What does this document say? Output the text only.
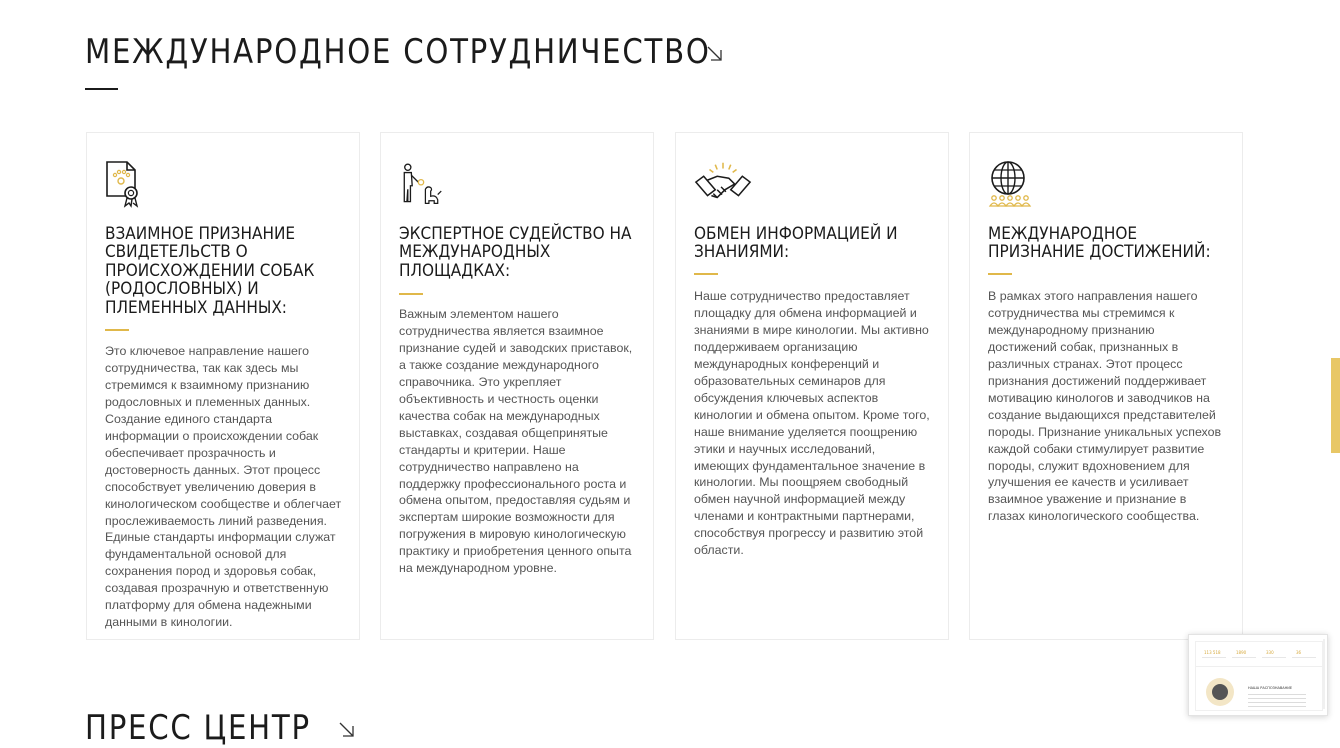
МЕЖДУНАРОДНОЕ СОТРУДНИЧЕСТВО
ВЗАИМНОЕ ПРИЗНАНИЕ СВИДЕТЕЛЬСТВ О ПРОИСХОЖДЕНИИ СОБАК (РОДОСЛОВНЫХ) И ПЛЕМЕННЫХ ДАННЫХ:
Это ключевое направление нашего сотрудничества, так как здесь мы стремимся к взаимному признанию родословных и племенных данных. Создание единого стандарта информации о происхождении собак обеспечивает прозрачность и достоверность данных. Этот процесс способствует увеличению доверия в кинологическом сообществе и облегчает прослеживаемость линий разведения. Единые стандарты информации служат фундаментальной основой для сохранения пород и здоровья собак, создавая прозрачную и ответственную платформу для обмена надежными данными в кинологии.
ЭКСПЕРТНОЕ СУДЕЙСТВО НА МЕЖДУНАРОДНЫХ ПЛОЩАДКАХ:
Важным элементом нашего сотрудничества является взаимное признание судей и заводских приставок, а также создание международного справочника. Это укрепляет объективность и честность оценки качества собак на международных выставках, создавая общепринятые стандарты и критерии. Наше сотрудничество направлено на поддержку профессионального роста и обмена опытом, предоставляя судьям и экспертам широкие возможности для погружения в мировую кинологическую практику и приобретения ценного опыта на международном уровне.
ОБМЕН ИНФОРМАЦИЕЙ И ЗНАНИЯМИ:
Наше сотрудничество предоставляет площадку для обмена информацией и знаниями в мире кинологии. Мы активно поддерживаем организацию международных конференций и образовательных семинаров для обсуждения ключевых аспектов кинологии и обмена опытом. Кроме того, наше внимание уделяется поощрению этики и научных исследований, имеющих фундаментальное значение в кинологии. Мы поощряем свободный обмен научной информацией между членами и контрактными партнерами, способствуя прогрессу и развитию этой области.
МЕЖДУНАРОДНОЕ ПРИЗНАНИЕ ДОСТИЖЕНИЙ:
В рамках этого направления нашего сотрудничества мы стремимся к международному признанию достижений собак, признанных в различных странах. Этот процесс признания достижений поддерживает мотивацию кинологов и заводчиков на создание выдающихся представителей породы. Признание уникальных успехов каждой собаки стимулирует развитие породы, служит вдохновением для улучшения ее качеств и усиливает взаимное уважение и признание в глазах кинологического сообщества.
ПРЕСС ЦЕНТР
113 518	1890	330	36
НАША РАСПОЗНАВАНИЕ
